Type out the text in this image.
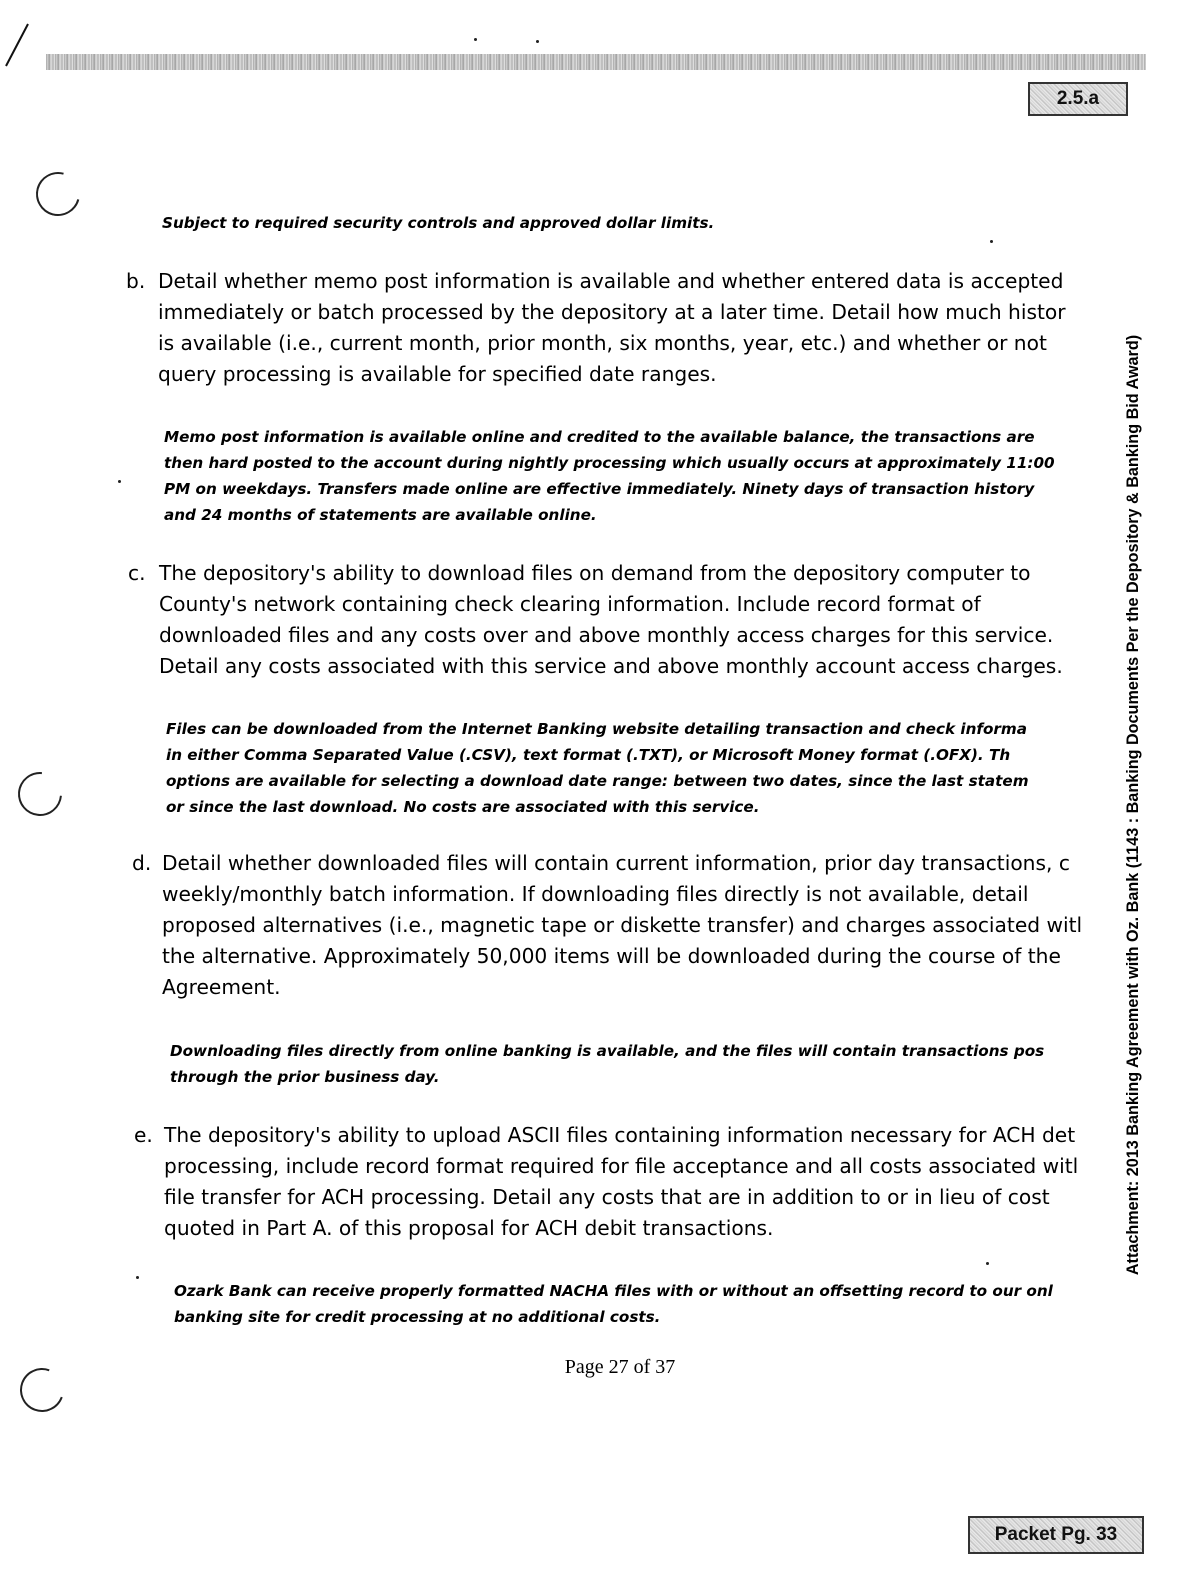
2.5.a
Subject to required security controls and approved dollar limits.
b. Detail whether memo post information is available and whether entered data is accepted
immediately or batch processed by the depository at a later time. Detail how much histor
is available (i.e., current month, prior month, six months, year, etc.) and whether or not
query processing is available for specified date ranges.
Memo post information is available online and credited to the available balance, the transactions are
then hard posted to the account during nightly processing which usually occurs at approximately 11:00
PM on weekdays. Transfers made online are effective immediately. Ninety days of transaction history
and 24 months of statements are available online.
c. The depository's ability to download files on demand from the depository computer to
County's network containing check clearing information. Include record format of
downloaded files and any costs over and above monthly access charges for this service.
Detail any costs associated with this service and above monthly account access charges.
Files can be downloaded from the Internet Banking website detailing transaction and check informa
in either Comma Separated Value (.CSV), text format (.TXT), or Microsoft Money format (.OFX). Th
options are available for selecting a download date range: between two dates, since the last statem
or since the last download. No costs are associated with this service.
d. Detail whether downloaded files will contain current information, prior day transactions, c
weekly/monthly batch information. If downloading files directly is not available, detail
proposed alternatives (i.e., magnetic tape or diskette transfer) and charges associated witl
the alternative. Approximately 50,000 items will be downloaded during the course of the
Agreement.
Downloading files directly from online banking is available, and the files will contain transactions pos
through the prior business day.
e. The depository's ability to upload ASCII files containing information necessary for ACH det
processing, include record format required for file acceptance and all costs associated witl
file transfer for ACH processing. Detail any costs that are in addition to or in lieu of cost
quoted in Part A. of this proposal for ACH debit transactions.
Ozark Bank can receive properly formatted NACHA files with or without an offsetting record to our onl
banking site for credit processing at no additional costs.
Page 27 of 37
Packet Pg. 33
Attachment: 2013 Banking Agreement with Oz. Bank (1143 : Banking Documents Per the Depository & Banking Bid Award)
